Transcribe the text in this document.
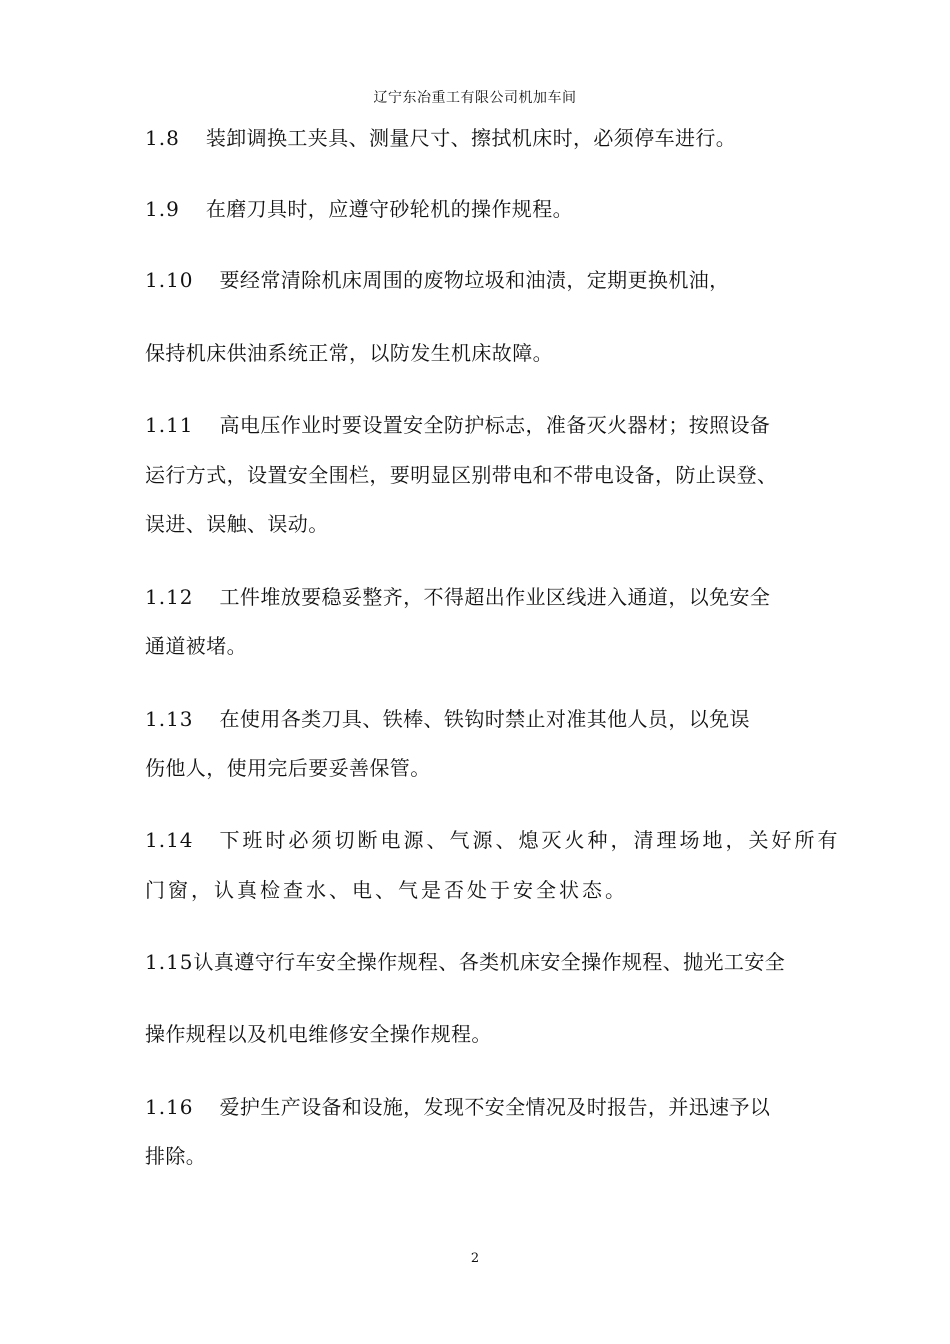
辽宁东冶重工有限公司机加车间
1.8 装卸调换工夹具、测量尺寸、擦拭机床时，必须停车进行。
1.9 在磨刀具时，应遵守砂轮机的操作规程。
1.10 要经常清除机床周围的废物垃圾和油渍，定期更换机油，
保持机床供油系统正常，以防发生机床故障。
1.11 高电压作业时要设置安全防护标志，准备灭火器材；按照设备
运行方式，设置安全围栏，要明显区别带电和不带电设备，防止误登、
误进、误触、误动。
1.12 工件堆放要稳妥整齐，不得超出作业区线进入通道，以免安全
通道被堵。
1.13 在使用各类刀具、铁棒、铁钩时禁止对准其他人员，以免误
伤他人，使用完后要妥善保管。
1.14 下班时必须切断电源、气源、熄灭火种，清理场地，关好所有
门窗，认真检查水、电、气是否处于安全状态。
1.15认真遵守行车安全操作规程、各类机床安全操作规程、抛光工安全
操作规程以及机电维修安全操作规程。
1.16 爱护生产设备和设施，发现不安全情况及时报告，并迅速予以
排除。
2
